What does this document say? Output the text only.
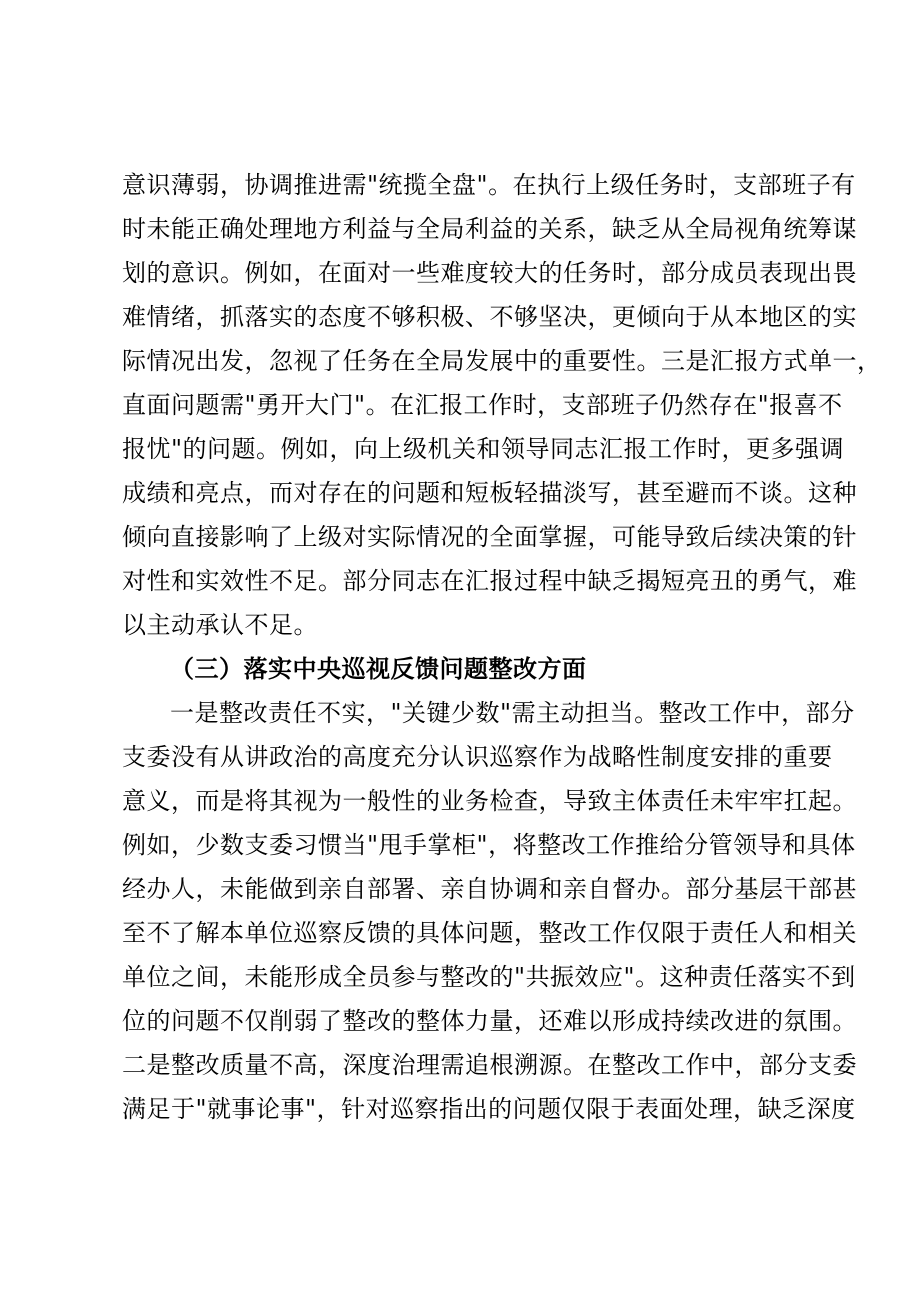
意识薄弱，协调推进需"统揽全盘"。在执行上级任务时，支部班子有
时未能正确处理地方利益与全局利益的关系，缺乏从全局视角统筹谋
划的意识。例如，在面对一些难度较大的任务时，部分成员表现出畏
难情绪，抓落实的态度不够积极、不够坚决，更倾向于从本地区的实
际情况出发，忽视了任务在全局发展中的重要性。三是汇报方式单一，
直面问题需"勇开大门"。在汇报工作时，支部班子仍然存在"报喜不
报忧"的问题。例如，向上级机关和领导同志汇报工作时，更多强调
成绩和亮点，而对存在的问题和短板轻描淡写，甚至避而不谈。这种
倾向直接影响了上级对实际情况的全面掌握，可能导致后续决策的针
对性和实效性不足。部分同志在汇报过程中缺乏揭短亮丑的勇气，难
以主动承认不足。
（三）落实中央巡视反馈问题整改方面
一是整改责任不实，"关键少数"需主动担当。整改工作中，部分
支委没有从讲政治的高度充分认识巡察作为战略性制度安排的重要
意义，而是将其视为一般性的业务检查，导致主体责任未牢牢扛起。
例如，少数支委习惯当"甩手掌柜"，将整改工作推给分管领导和具体
经办人，未能做到亲自部署、亲自协调和亲自督办。部分基层干部甚
至不了解本单位巡察反馈的具体问题，整改工作仅限于责任人和相关
单位之间，未能形成全员参与整改的"共振效应"。这种责任落实不到
位的问题不仅削弱了整改的整体力量，还难以形成持续改进的氛围。
二是整改质量不高，深度治理需追根溯源。在整改工作中，部分支委
满足于"就事论事"，针对巡察指出的问题仅限于表面处理，缺乏深度
